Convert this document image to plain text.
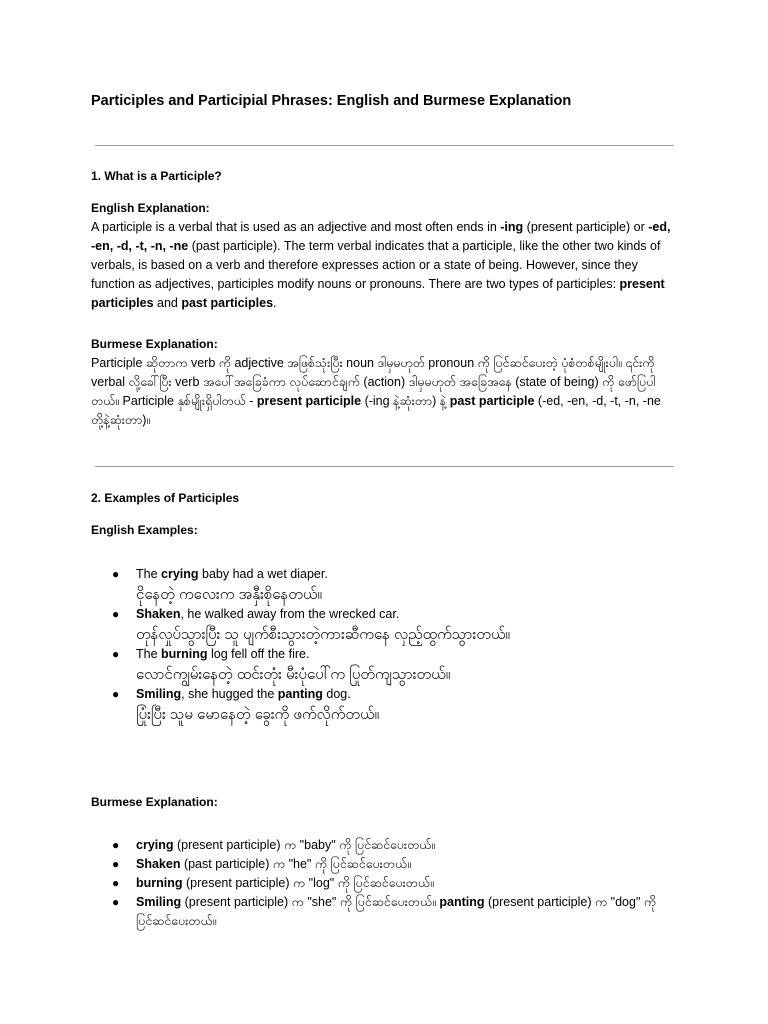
Participles and Participial Phrases: English and Burmese Explanation
1. What is a Participle?
English Explanation:

A participle is a verbal that is used as an adjective and most often ends in -ing (present participle) or -ed, -en, -d, -t, -n, -ne (past participle). The term verbal indicates that a participle, like the other two kinds of verbals, is based on a verb and therefore expresses action or a state of being. However, since they function as adjectives, participles modify nouns or pronouns. There are two types of participles: present participles and past participles.

Burmese Explanation:

Participle ဆိုတာက verb ကို adjective အဖြစ်သုံးပြီး noun ဒါမှမဟုတ် pronoun ကို ပြင်ဆင်ပေးတဲ့ ပုံစံတစ်မျိုးပါ။ ၎င်းကို verbal လို့ခေါ်ပြီး verb အပေါ်အခြေခံကာ လုပ်ဆောင်ချက် (action) ဒါမှမဟုတ် အခြေအနေ (state of being) ကို ဖော်ပြပါတယ်။ Participle နှစ်မျိုးရှိပါတယ် - present participle (-ing နဲ့ဆုံးတာ) နဲ့ past participle (-ed, -en, -d, -t, -n, -ne တို့နဲ့ဆုံးတာ)။

2. Examples of Participles
English Examples:
● The crying baby had a wet diaper.
ငိုနေတဲ့ ကလေးက အနှီးစိုနေတယ်။
● Shaken, he walked away from the wrecked car.
တုန်လှုပ်သွားပြီး သူ ပျက်စီးသွားတဲ့ကားဆီကနေ လှည့်ထွက်သွားတယ်။
● The burning log fell off the fire.
လောင်ကျွမ်းနေတဲ့ ထင်းတုံး မီးပုံပေါ်က ပြုတ်ကျသွားတယ်။
● Smiling, she hugged the panting dog.
ပြုံးပြီး သူမ မောနေတဲ့ ခွေးကို ဖက်လိုက်တယ်။
Burmese Explanation:
● crying (present participle) က "baby" ကို ပြင်ဆင်ပေးတယ်။
● Shaken (past participle) က "he" ကို ပြင်ဆင်ပေးတယ်။
● burning (present participle) က "log" ကို ပြင်ဆင်ပေးတယ်။
● Smiling (present participle) က "she" ကို ပြင်ဆင်ပေးတယ်။ panting (present participle) က "dog" ကို ပြင်ဆင်ပေးတယ်။
